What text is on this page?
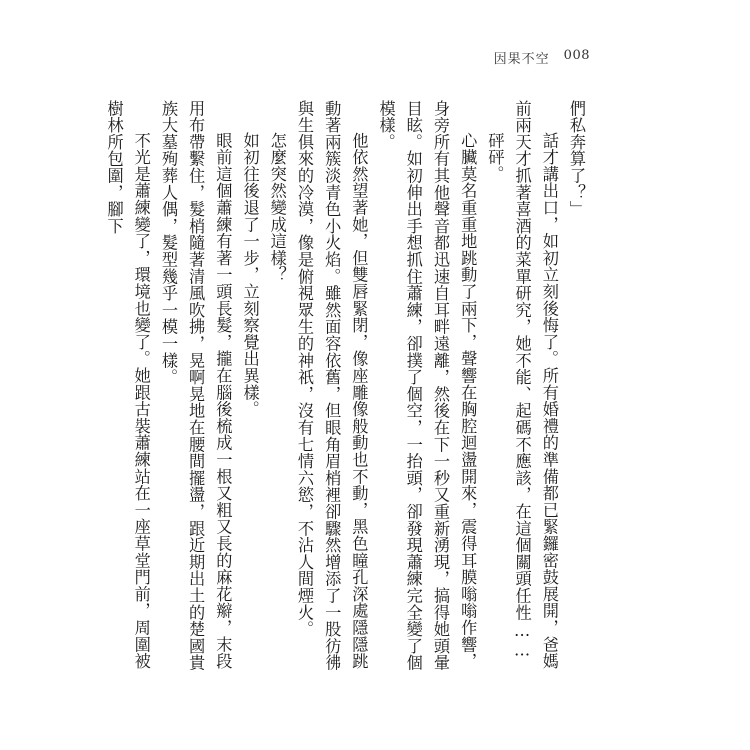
因果不空 008

們私奔算了？」

話才講出口，如初立刻後悔了。所有婚禮的準備都已緊鑼密鼓展開，爸媽前兩天才抓著喜酒的菜單研究，她不能、起碼不應該，在這個關頭任性……

砰砰。

心臟莫名重重地跳動了兩下，聲響在胸腔迴盪開來，震得耳膜嗡嗡作響，身旁所有其他聲音都迅速自耳畔遠離，然後在下一秒又重新湧現，搞得她頭暈目眩。如初伸出手想抓住蕭練，卻撲了個空，一抬頭，卻發現蕭練完全變了個模樣。

他依然望著她，但雙唇緊閉，像座雕像般動也不動，黑色瞳孔深處隱隱跳動著兩簇淡青色小火焰。雖然面容依舊，但眼角眉梢裡卻驟然增添了一股彷彿與生俱來的冷漠，像是俯視眾生的神祇，沒有七情六慾，不沾人間煙火。

怎麼突然變成這樣？

如初往後退了一步，立刻察覺出異樣。

眼前這個蕭練有著一頭長髮，攏在腦後梳成一根又粗又長的麻花辮，末段用布帶繫住，髮梢隨著清風吹拂，晃啊晃地在腰間擺盪，跟近期出土的楚國貴族大墓殉葬人偶，髮型幾乎一模一樣。

不光是蕭練變了，環境也變了。她跟古裝蕭練站在一座草堂門前，周圍被樹林所包圍，腳下
